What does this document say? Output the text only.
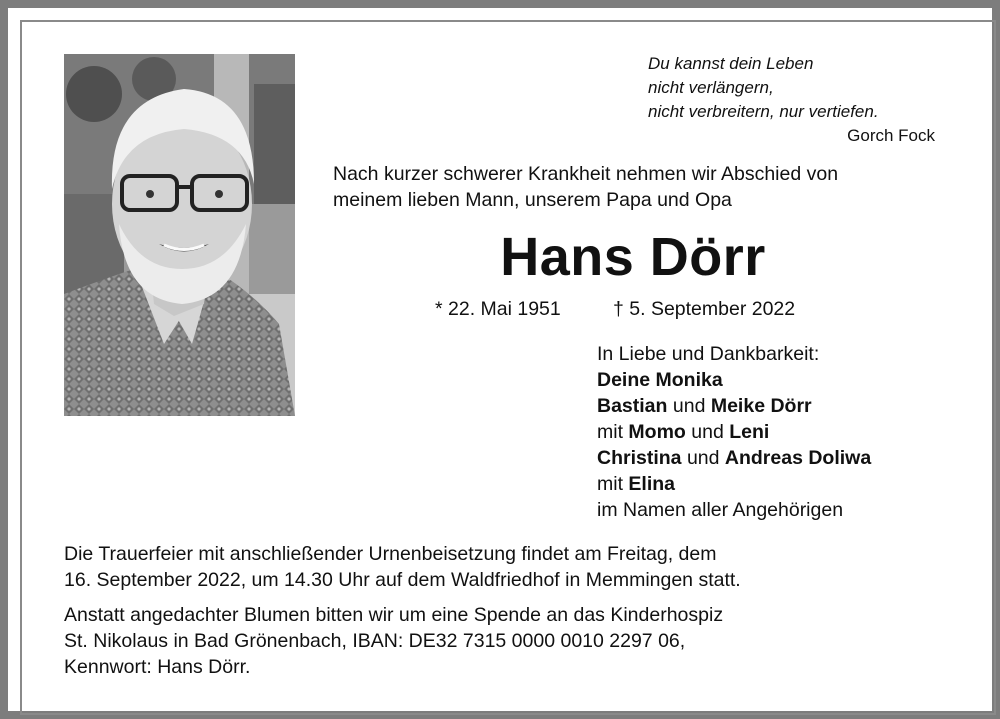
Du kannst dein Leben
nicht verlängern,
nicht verbreitern, nur vertiefen.
Gorch Fock
Nach kurzer schwerer Krankheit nehmen wir Abschied von
meinem lieben Mann, unserem Papa und Opa
Hans Dörr
* 22. Mai 1951	† 5. September 2022
In Liebe und Dankbarkeit:
Deine Monika
Bastian und Meike Dörr
mit Momo und Leni
Christina und Andreas Doliwa
mit Elina
im Namen aller Angehörigen
Die Trauerfeier mit anschließender Urnenbeisetzung findet am Freitag, dem
16. September 2022, um 14.30 Uhr auf dem Waldfriedhof in Memmingen statt.
Anstatt angedachter Blumen bitten wir um eine Spende an das Kinderhospiz
St. Nikolaus in Bad Grönenbach, IBAN: DE32 7315 0000 0010 2297 06,
Kennwort: Hans Dörr.
